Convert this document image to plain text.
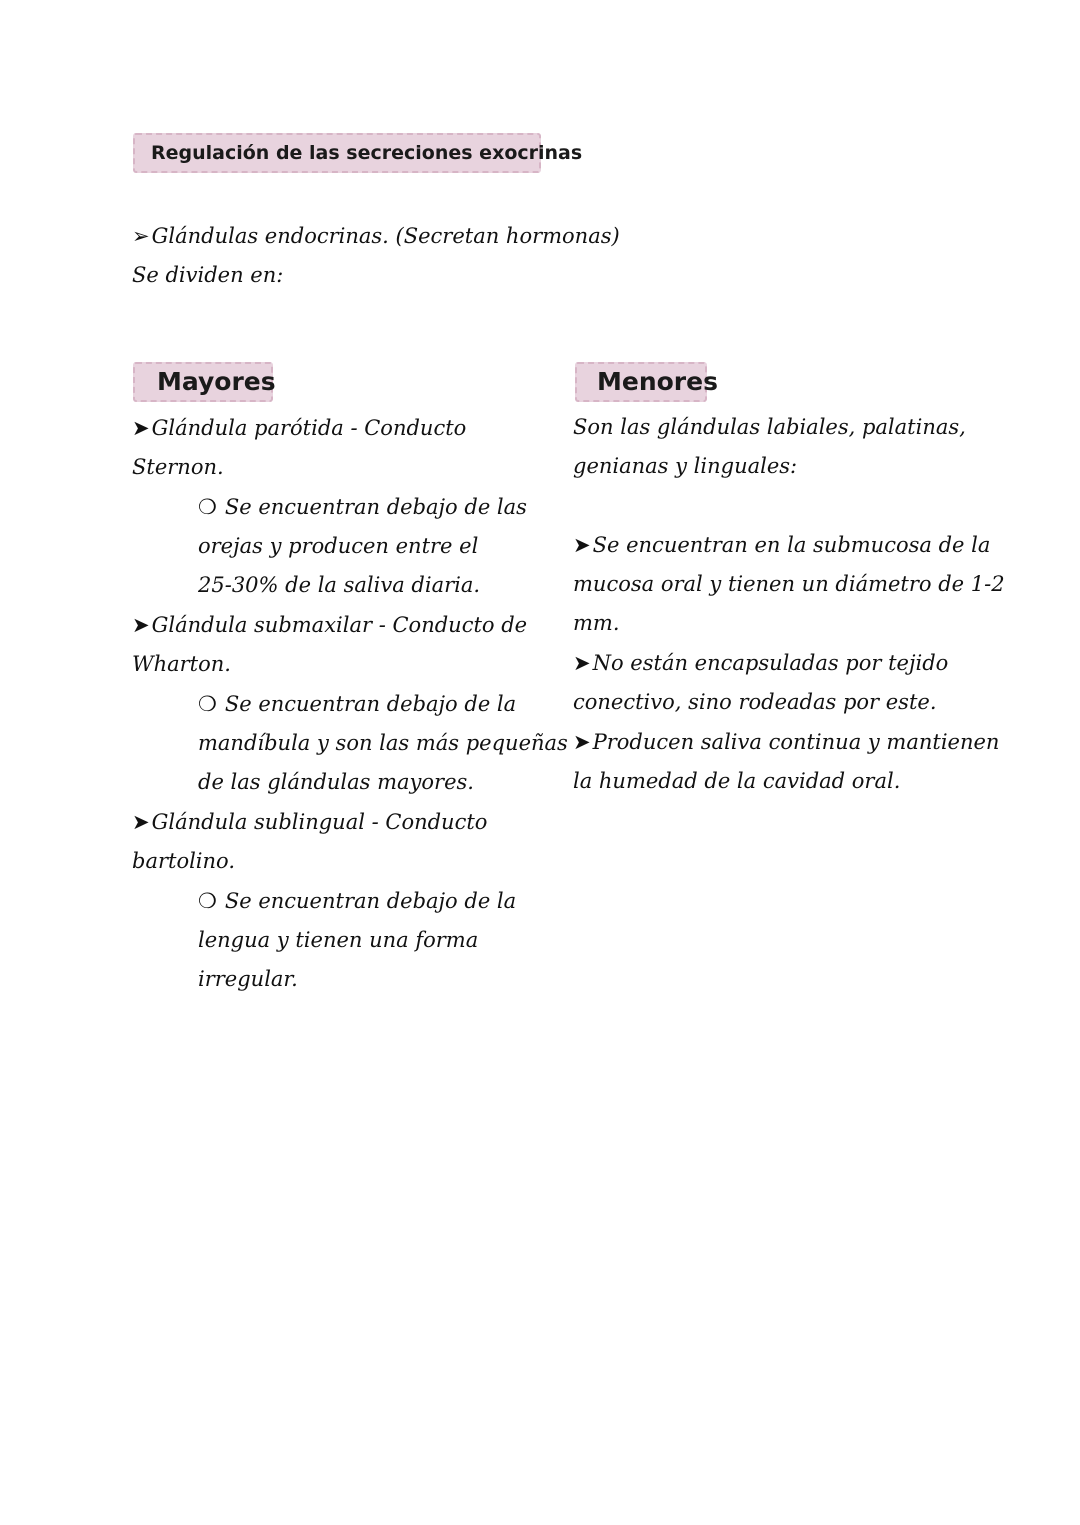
Regulación de las secreciones exocrinas
➢Glándulas endocrinas. (Secretan hormonas)
Se dividen en:
Mayores
➤Glándula parótida - Conducto
Sternon.
❍ Se encuentran debajo de las
orejas y producen entre el
25-30% de la saliva diaria.
➤Glándula submaxilar - Conducto de
Wharton.
❍ Se encuentran debajo de la
mandíbula y son las más pequeñas
de las glándulas mayores.
➤Glándula sublingual - Conducto
bartolino.
❍ Se encuentran debajo de la
lengua y tienen una forma
irregular.
Menores
Son las glándulas labiales, palatinas,
genianas y linguales:
➤Se encuentran en la submucosa de la
mucosa oral y tienen un diámetro de 1-2
mm.
➤No están encapsuladas por tejido
conectivo, sino rodeadas por este.
➤Producen saliva continua y mantienen
la humedad de la cavidad oral.
